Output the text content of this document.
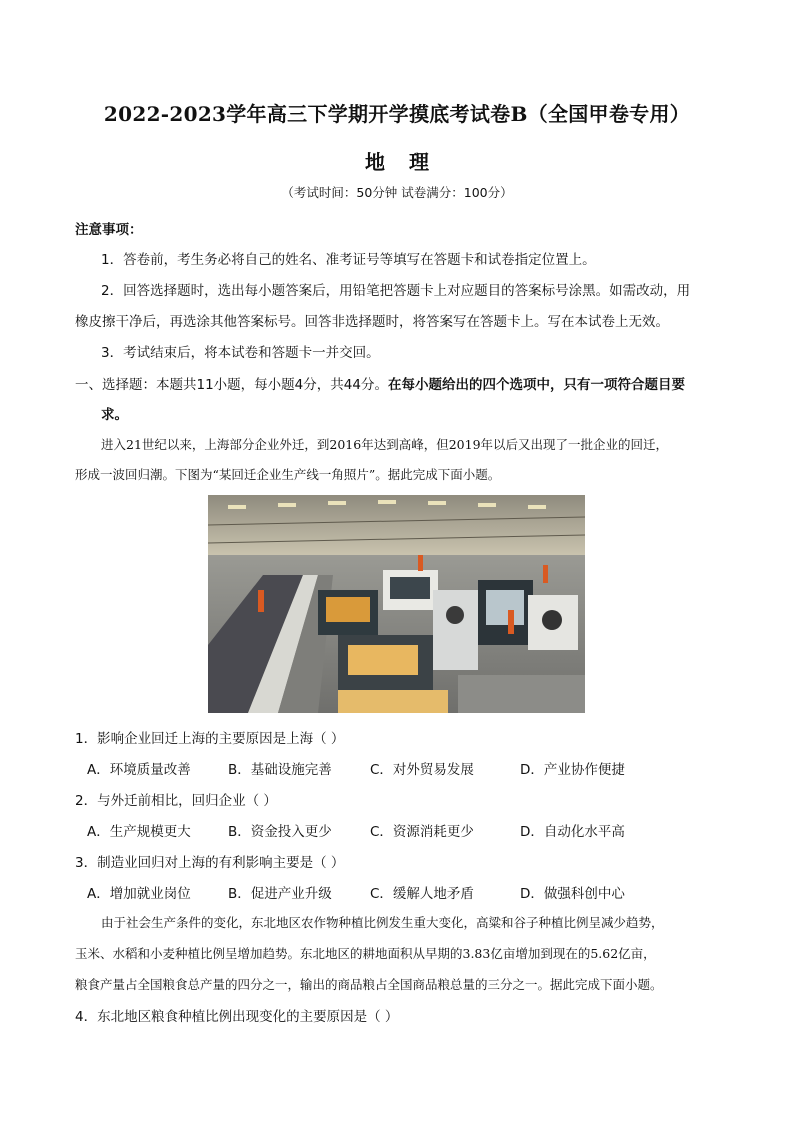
2022-2023学年高三下学期开学摸底考试卷B（全国甲卷专用）
地 理
（考试时间：50分钟 试卷满分：100分）
注意事项：
1．答卷前，考生务必将自己的姓名、准考证号等填写在答题卡和试卷指定位置上。
2．回答选择题时，选出每小题答案后，用铅笔把答题卡上对应题目的答案标号涂黑。如需改动，用
橡皮擦干净后，再选涂其他答案标号。回答非选择题时，将答案写在答题卡上。写在本试卷上无效。
3．考试结束后，将本试卷和答题卡一并交回。
一、选择题：本题共11小题，每小题4分，共44分。在每小题给出的四个选项中，只有一项符合题目要
求。
进入21世纪以来，上海部分企业外迁，到2016年达到高峰，但2019年以后又出现了一批企业的回迁，
形成一波回归潮。下图为“某回迁企业生产线一角照片”。据此完成下面小题。
1．影响企业回迁上海的主要原因是上海（ ）
A．环境质量改善	B．基础设施完善	C．对外贸易发展	D．产业协作便捷
2．与外迁前相比，回归企业（ ）
A．生产规模更大	B．资金投入更少	C．资源消耗更少	D．自动化水平高
3．制造业回归对上海的有利影响主要是（ ）
A．增加就业岗位	B．促进产业升级	C．缓解人地矛盾	D．做强科创中心
由于社会生产条件的变化，东北地区农作物种植比例发生重大变化，高粱和谷子种植比例呈减少趋势，
玉米、水稻和小麦种植比例呈增加趋势。东北地区的耕地面积从早期的3.83亿亩增加到现在的5.62亿亩，
粮食产量占全国粮食总产量的四分之一，输出的商品粮占全国商品粮总量的三分之一。据此完成下面小题。
4．东北地区粮食种植比例出现变化的主要原因是（ ）
